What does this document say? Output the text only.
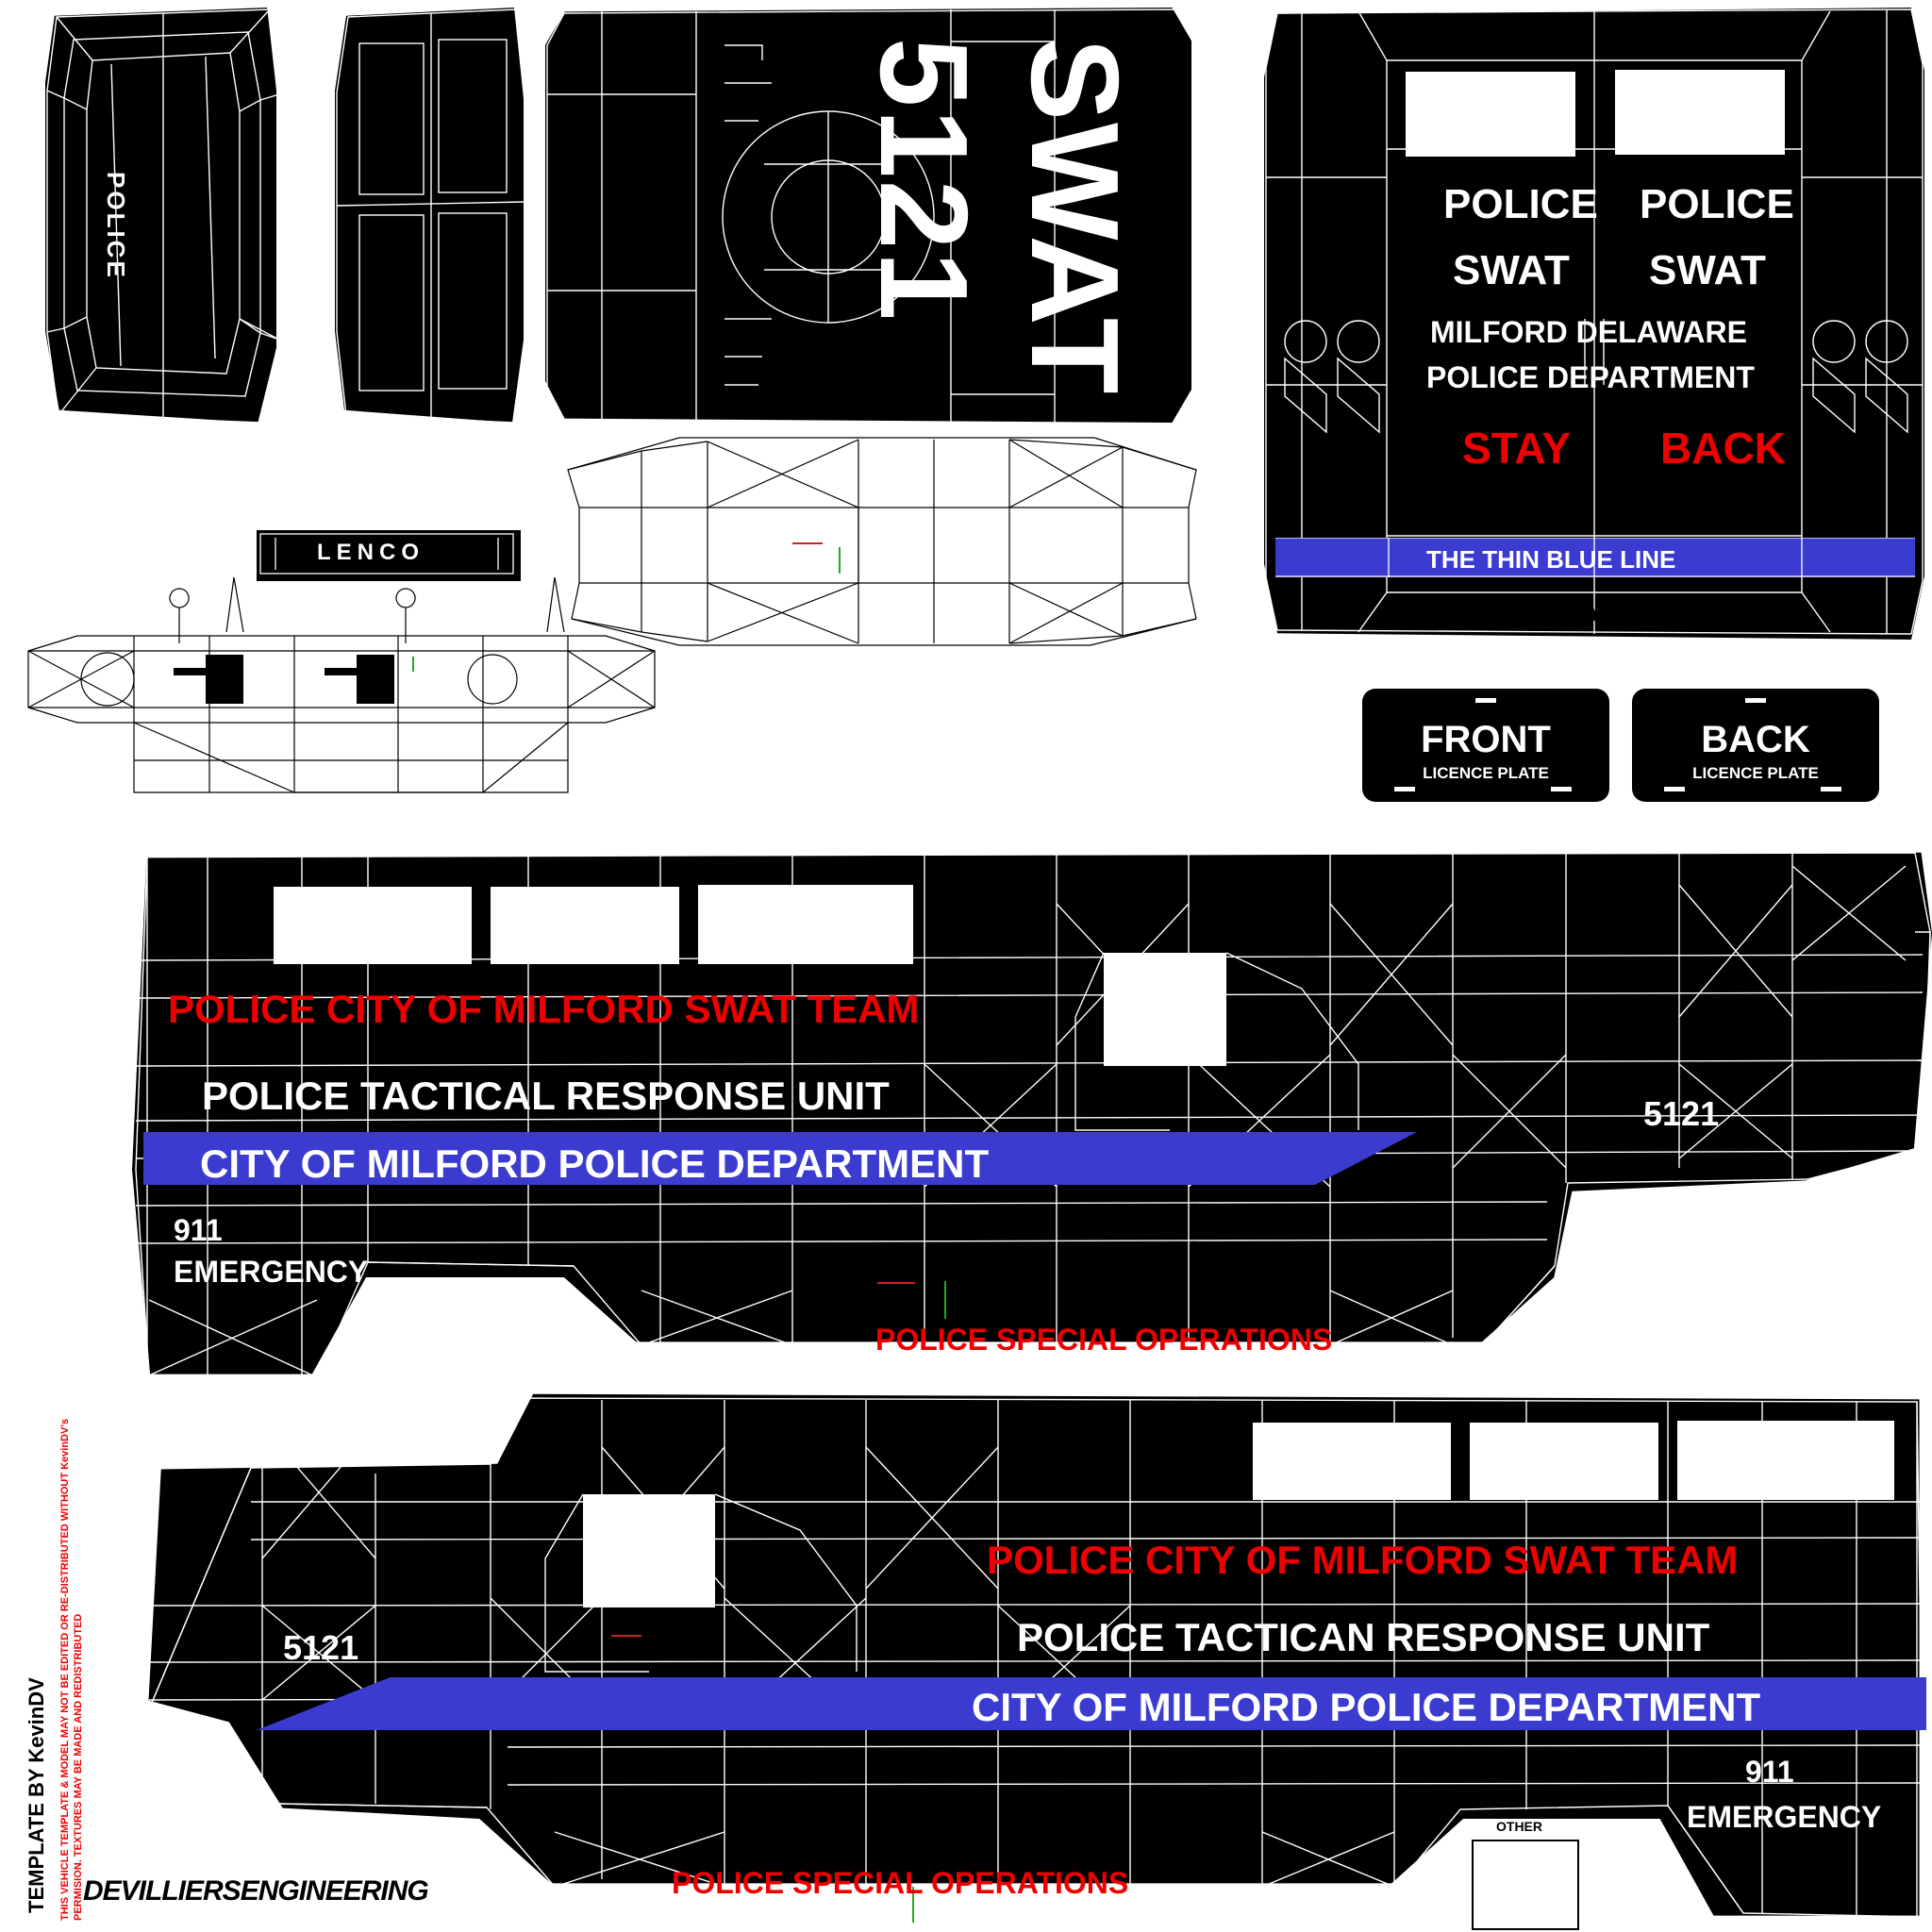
POLICE	5121 SWAT
LENCO
POLICE POLICE
SWAT SWAT
MILFORD DELAWARE
POLICE DEPARTMENT
STAY BACK
THE THIN BLUE LINE
PROTECT AND SERVE
FRONT
LICENCE PLATE
BACK
LICENCE PLATE
POLICE CITY OF MILFORD SWAT TEAM
POLICE TACTICAL RESPONSE UNIT
CITY OF MILFORD POLICE DEPARTMENT
911
EMERGENCY
5121
POLICE SPECIAL OPERATIONS
POLICE CITY OF MILFORD SWAT TEAM
POLICE TACTICAN RESPONSE UNIT
CITY OF MILFORD POLICE DEPARTMENT
911
EMERGENCY
5121
POLICE SPECIAL OPERATIONS
OTHER
TEMPLATE BY KevinDV THIS VEHICLE TEMPLATE & MODEL MAY NOT BE EDITED OR RE-DISTRIBUTED WITHOUT KevinDV's PERMISION. TEXTURES MAY BE MADE AND REDISTRIBUTED DEVILLIERSENGINEERING
